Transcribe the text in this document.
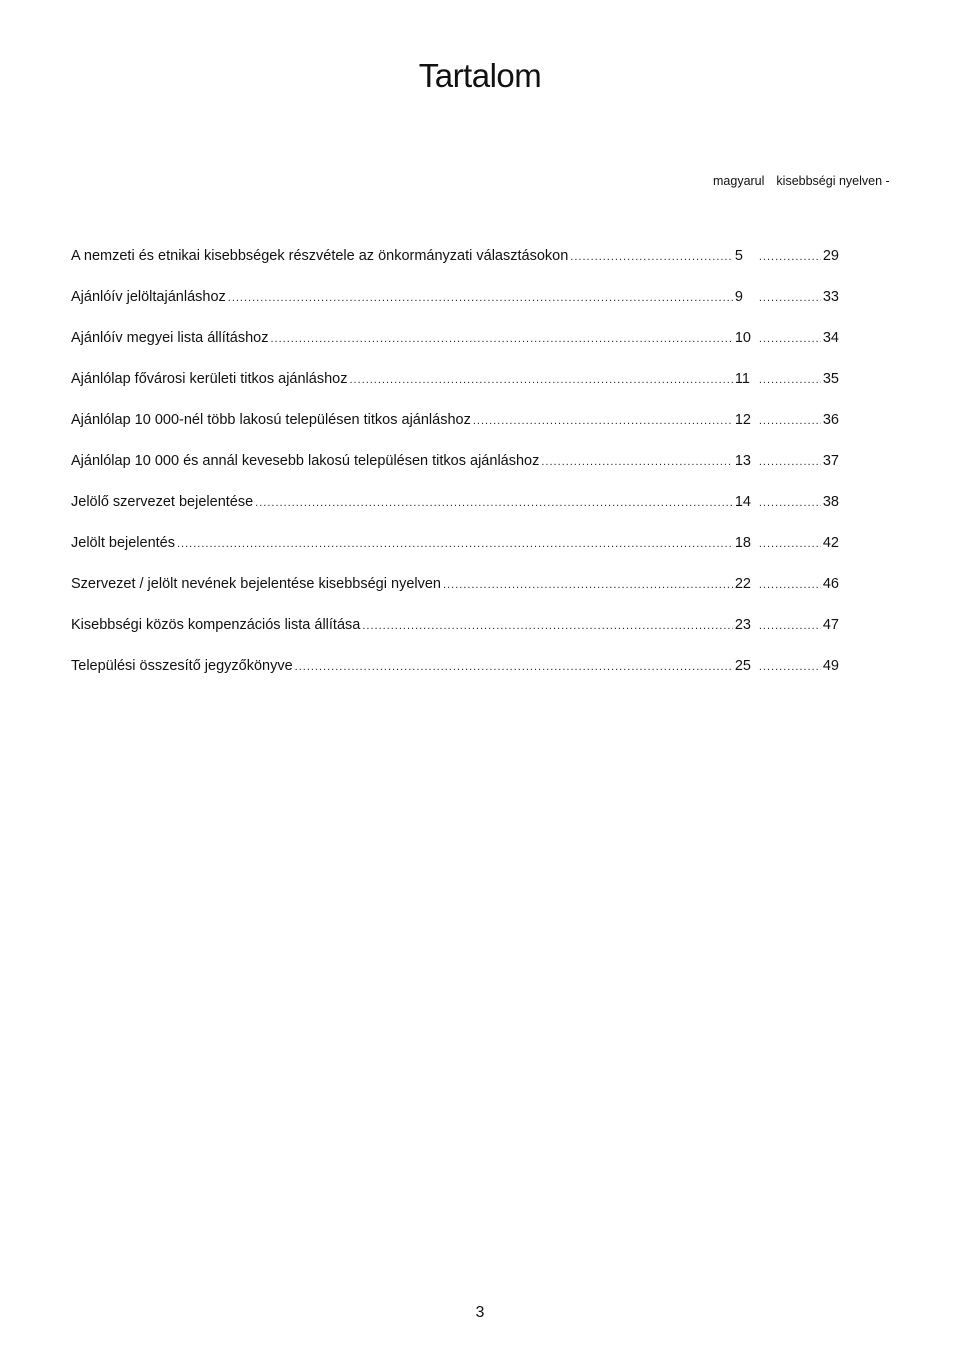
Tartalom
magyarul kisebbségi nyelven -
A nemzeti és etnikai kisebbségek részvétele az önkormányzati választásokon .....	5 .....	29
Ajánlóív jelöltajánláshoz .....	9 .....	33
Ajánlóív megyei lista állításhoz .....	10 .....	34
Ajánlólap fővárosi kerületi titkos ajánláshoz .....	11 .....	35
Ajánlólap 10 000-nél több lakosú településen titkos ajánláshoz .....	12 .....	36
Ajánlólap 10 000 és annál kevesebb lakosú településen titkos ajánláshoz .....	13 .....	37
Jelölő szervezet bejelentése .....	14 .....	38
Jelölt bejelentés .....	18 .....	42
Szervezet / jelölt nevének bejelentése kisebbségi nyelven .....	22 .....	46
Kisebbségi közös kompenzációs lista állítása .....	23 .....	47
Települési összesítő jegyzőkönyve .....	25 .....	49
3
